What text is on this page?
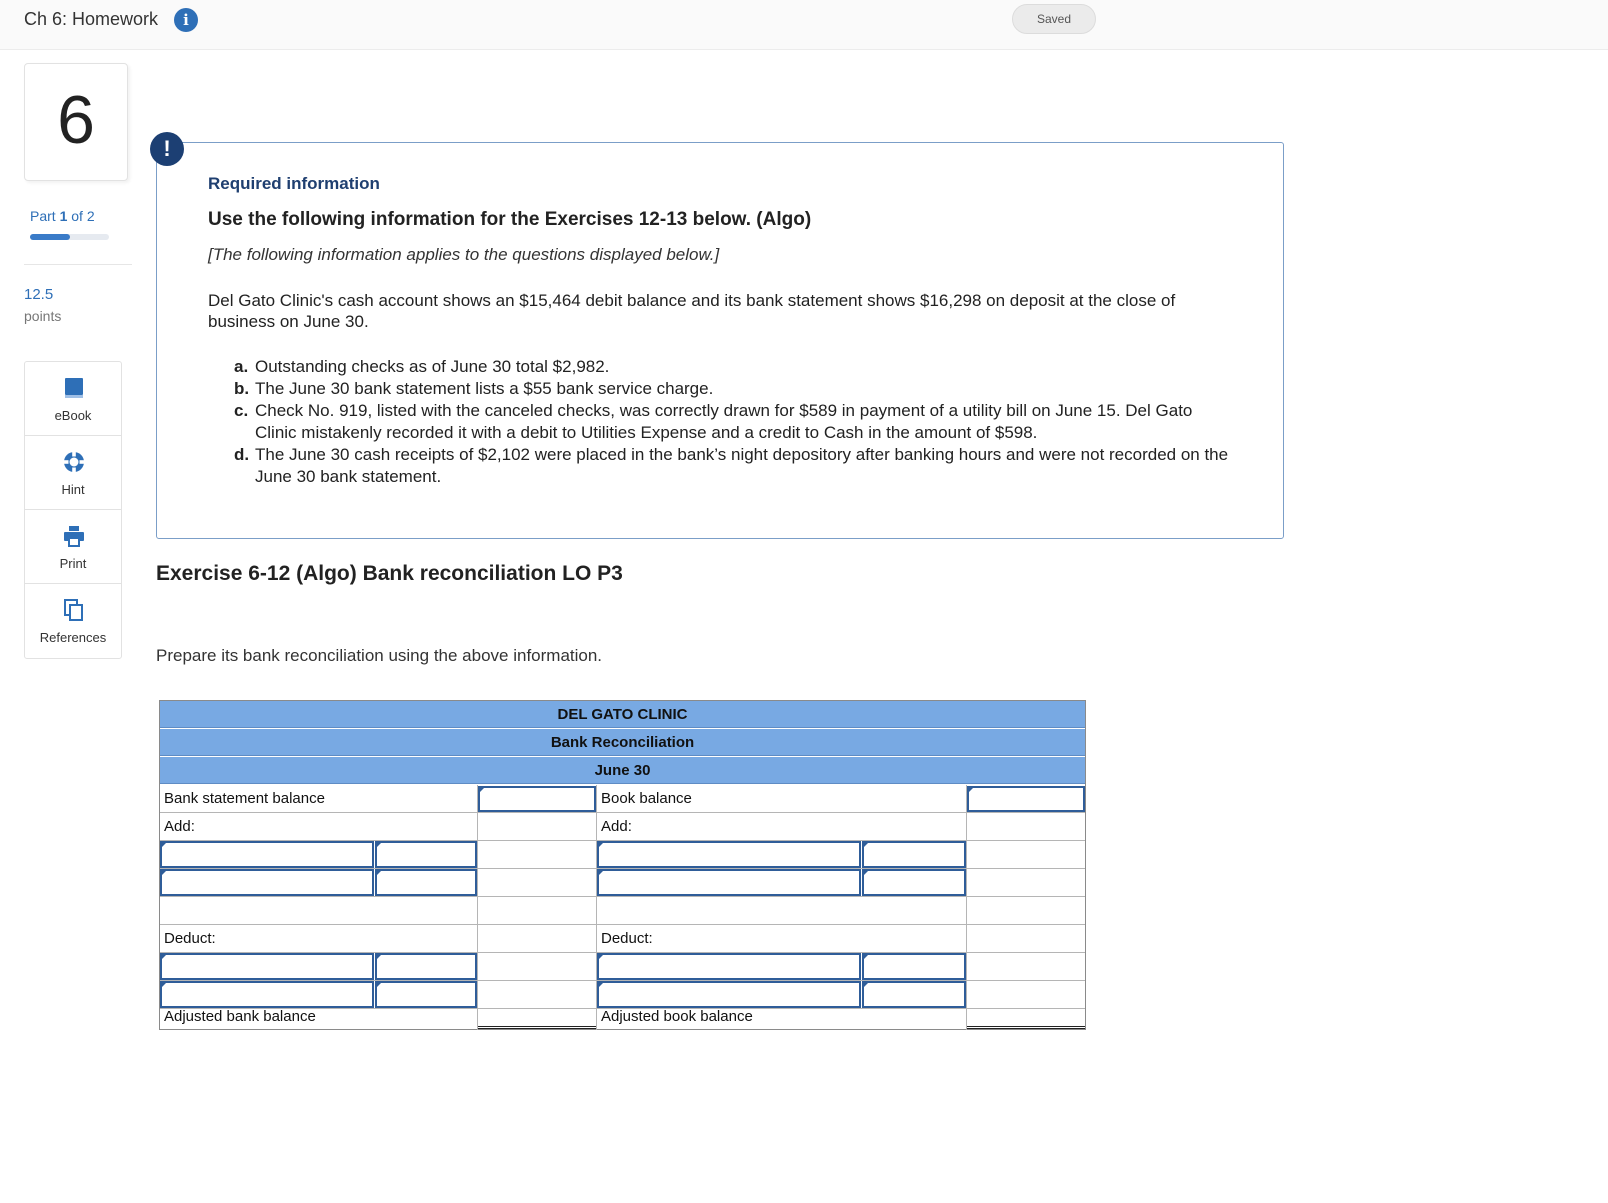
Ch 6: Homework	i	Saved
6
Part 1 of 2
12.5
points
eBook
Hint
Print
References
!
Required information
Use the following information for the Exercises 12-13 below. (Algo)
[The following information applies to the questions displayed below.]
Del Gato Clinic's cash account shows an $15,464 debit balance and its bank statement shows $16,298 on deposit at the close of business on June 30.
a. Outstanding checks as of June 30 total $2,982.
b. The June 30 bank statement lists a $55 bank service charge.
c. Check No. 919, listed with the canceled checks, was correctly drawn for $589 in payment of a utility bill on June 15. Del Gato Clinic mistakenly recorded it with a debit to Utilities Expense and a credit to Cash in the amount of $598.
d. The June 30 cash receipts of $2,102 were placed in the bank’s night depository after banking hours and were not recorded on the June 30 bank statement.
Exercise 6-12 (Algo) Bank reconciliation LO P3
Prepare its bank reconciliation using the above information.
DEL GATO CLINIC
Bank Reconciliation
June 30
Bank statement balance	Book balance
Add:	Add:
Deduct:	Deduct:
Adjusted bank balance	Adjusted book balance
